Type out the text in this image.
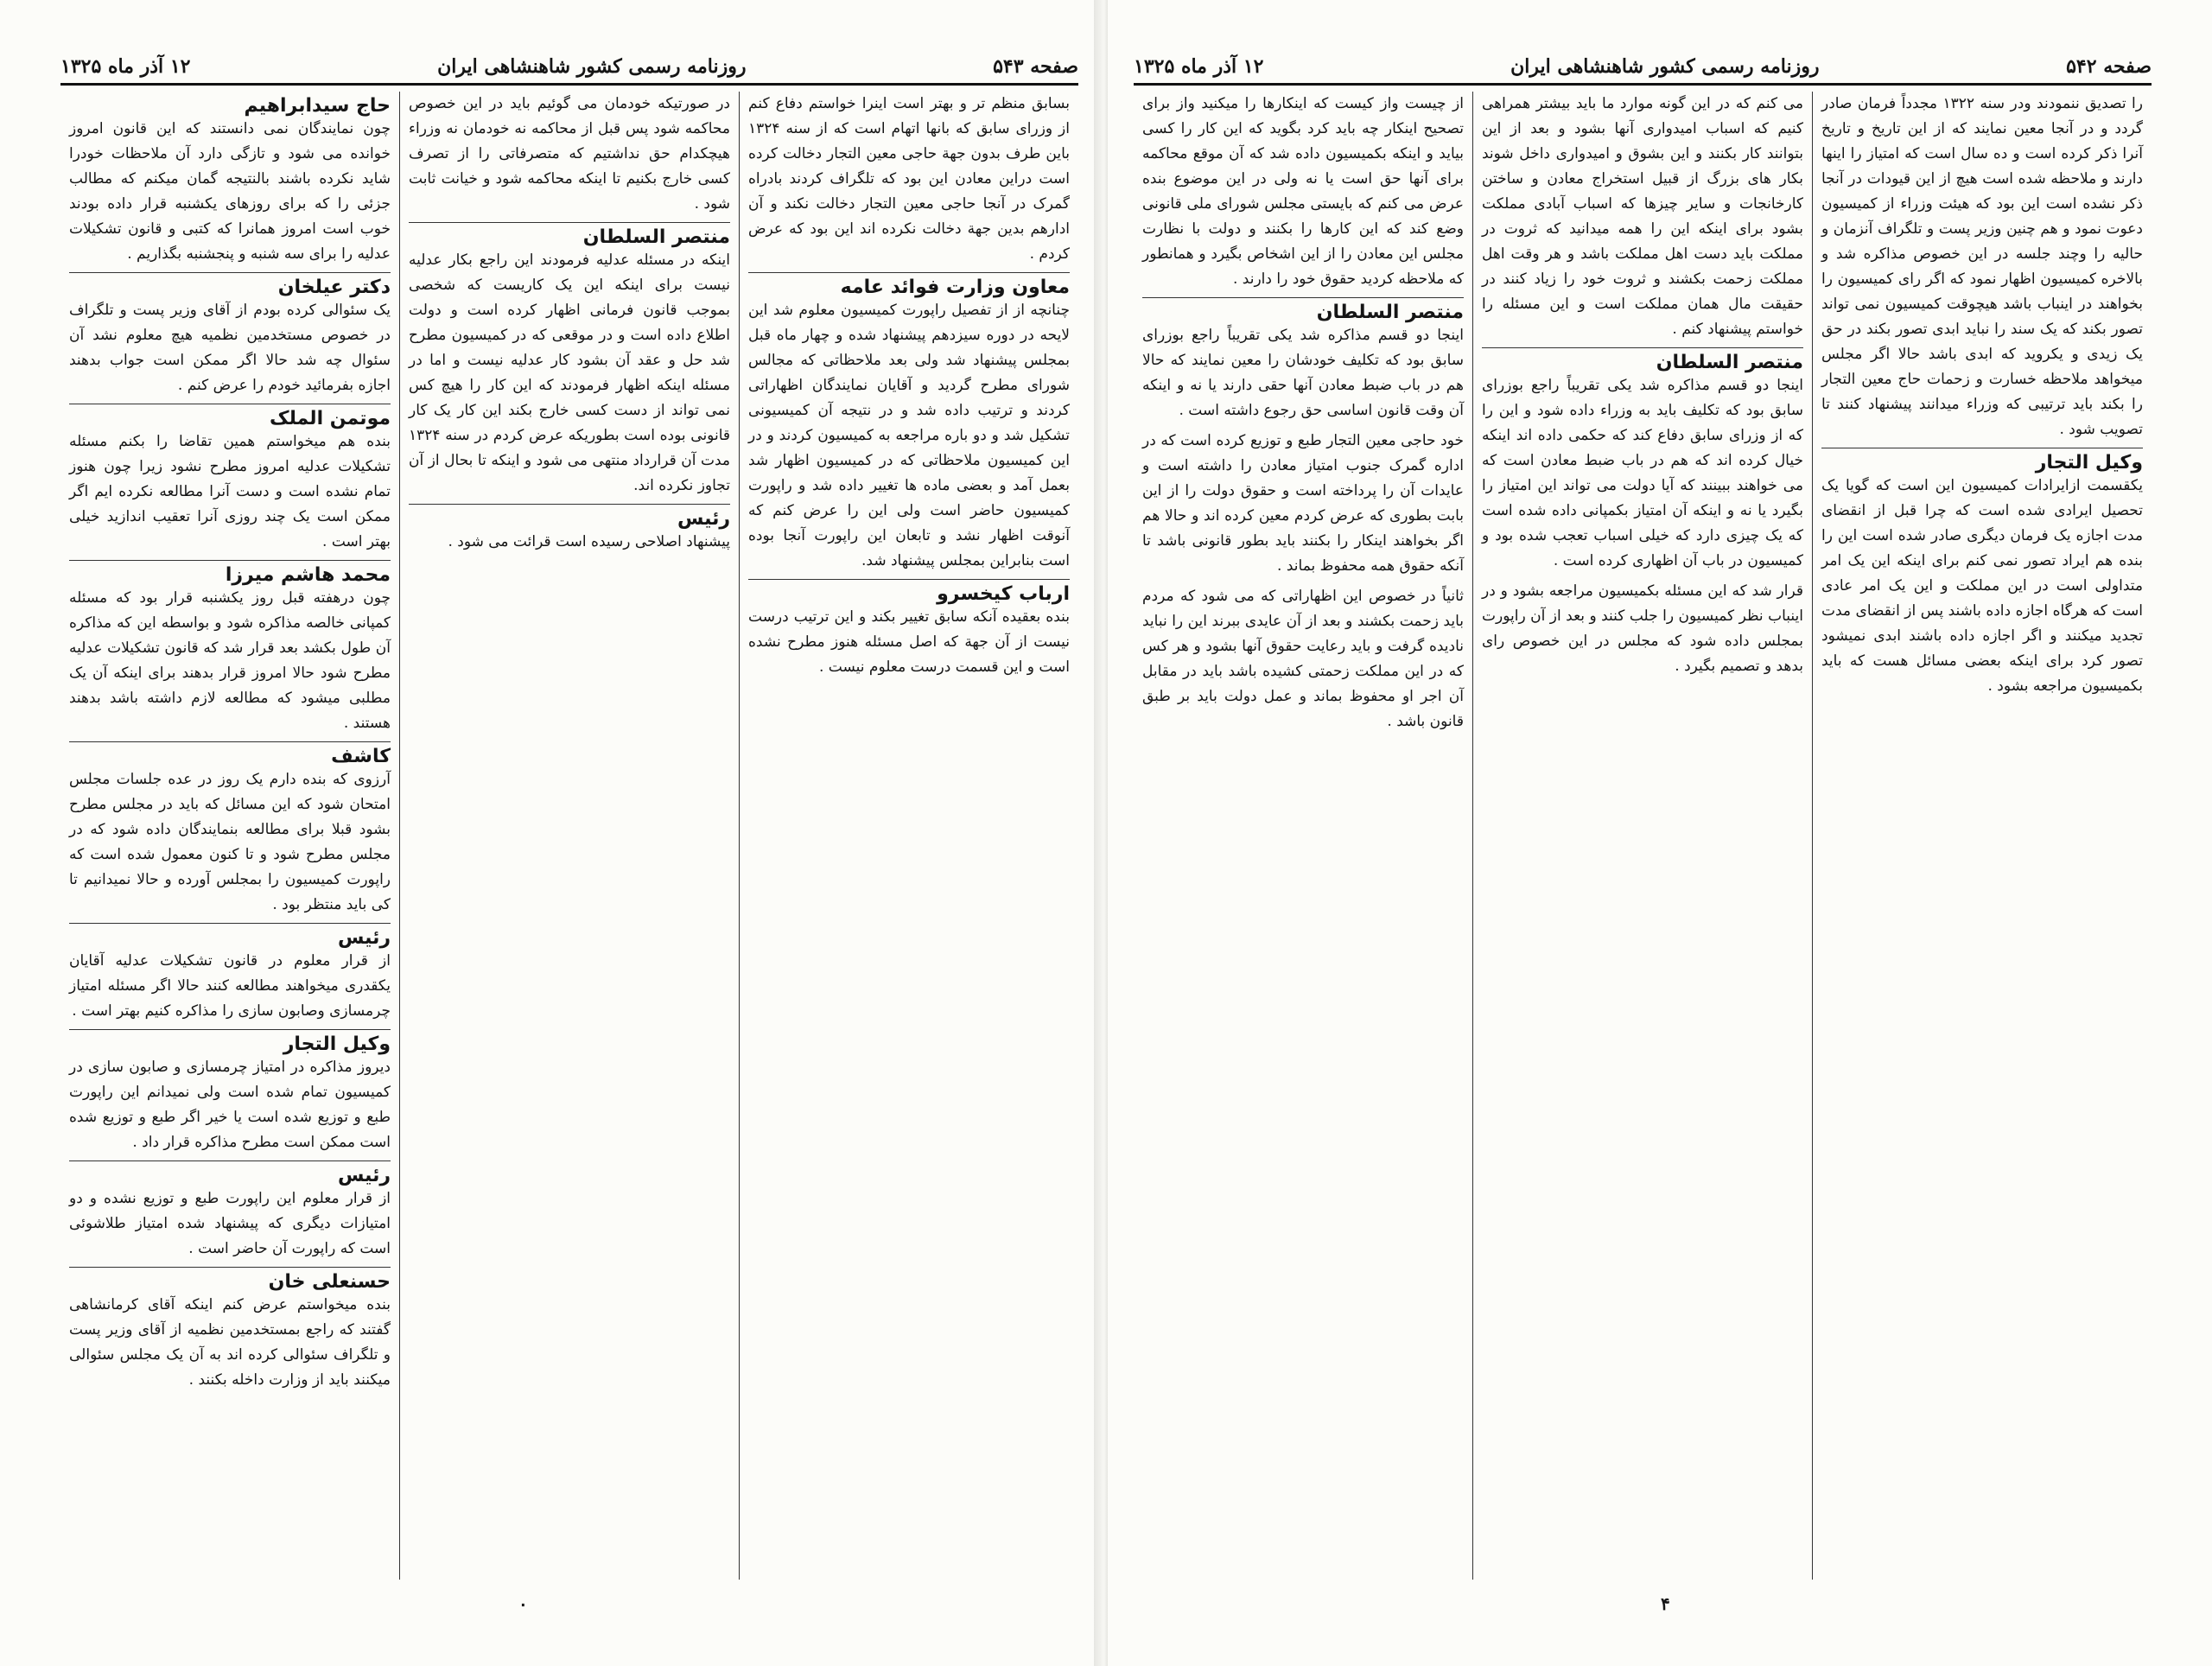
صفحه ۵۴۳
روزنامه رسمی کشور شاهنشاهی ایران
۱۲ آذر ماه ۱۳۲۵
بسابق منظم تر و بهتر است اینرا خواستم دفاع کنم از وزرای سابق که بانها اتهام است که از سنه ۱۳۲۴ باین طرف بدون جهة حاجی معین التجار دخالت کرده است دراین معادن این بود که تلگراف کردند بادراه گمرک در آنجا حاجی معین التجار دخالت نکند و آن ادارهم بدین جهة دخالت نکرده اند این بود که عرض کردم .
معاون وزارت فوائد عامه
چنانچه از از تفصیل راپورت کمیسیون معلوم شد این لایحه در دوره سیزدهم پیشنهاد شده و چهار ماه قبل بمجلس پیشنهاد شد ولی بعد ملاحظاتی که مجالس شورای مطرح گردید و آقایان نمایندگان اظهاراتی کردند و ترتیب داده شد و در نتیجه آن کمیسیونی تشکیل شد و دو باره مراجعه به کمیسیون کردند و در این کمیسیون ملاحظاتی که در کمیسیون اظهار شد بعمل آمد و بعضی ماده ها تغییر داده شد و راپورت کمیسیون حاضر است ولی این را عرض کنم که آنوقت اظهار نشد و تابعان این راپورت آنجا بوده است بنابراین بمجلس پیشنهاد شد.
ارباب کیخسرو
بنده بعقیده آنکه سابق تغییر بکند و این ترتیب درست نیست از آن جهة که اصل مسئله هنوز مطرح نشده است و این قسمت درست معلوم نیست .
در صورتیکه خودمان می گوئیم باید در این خصوص محاکمه شود پس قبل از محاکمه نه خودمان نه وزراء هیچکدام حق نداشتیم که متصرفاتی را از تصرف کسی خارج بکنیم تا اینکه محاکمه شود و خیانت ثابت شود .
منتصر السلطان
اینکه در مسئله عدلیه فرمودند این راجع بکار عدلیه نیست برای اینکه این یک کاریست که شخصی بموجب قانون فرمانی اظهار کرده است و دولت اطلاع داده است و در موقعی که در کمیسیون مطرح شد حل و عقد آن بشود کار عدلیه نیست و اما در مسئله اینکه اظهار فرمودند که این کار را هیچ کس نمی تواند از دست کسی خارج بکند این کار یک کار قانونی بوده است بطوریکه عرض کردم در سنه ۱۳۲۴ مدت آن قرارداد منتهی می شود و اینکه تا بحال از آن تجاوز نکرده اند.
رئیس
پیشنهاد اصلاحی رسیده است قرائت می شود .
حاج سیدابراهیم
چون نمایندگان نمی دانستند که این قانون امروز خوانده می شود و تازگی دارد آن ملاحظات خودرا شاید نکرده باشند بالنتیجه گمان میکنم که مطالب جزئی را که برای روزهای یکشنبه قرار داده بودند خوب است امروز همانرا که کتبی و قانون تشکیلات عدلیه را برای سه شنبه و پنجشنبه بگذاریم .
دکتر عیلخان
یک سئوالی کرده بودم از آقای وزیر پست و تلگراف در خصوص مستخدمین نظمیه هیچ معلوم نشد آن سئوال چه شد حالا اگر ممکن است جواب بدهند اجازه بفرمائید خودم را عرض کنم .
موتمن الملک
بنده هم میخواستم همین تقاضا را بکنم مسئله تشکیلات عدلیه امروز مطرح نشود زیرا چون هنوز تمام نشده است و دست آنرا مطالعه نکرده ایم اگر ممکن است یک چند روزی آنرا تعقیب اندازید خیلی بهتر است .
محمد هاشم میرزا
چون درهفته قبل روز یکشنبه قرار بود که مسئله کمپانی خالصه مذاکره شود و بواسطه این که مذاکره آن طول بکشد بعد قرار شد که قانون تشکیلات عدلیه مطرح شود حالا امروز قرار بدهند برای اینکه آن یک مطلبی میشود که مطالعه لازم داشته باشد بدهند هستند .
کاشف
آرزوی که بنده دارم یک روز در عده جلسات مجلس امتحان شود که این مسائل که باید در مجلس مطرح بشود قبلا برای مطالعه بنمایندگان داده شود که در مجلس مطرح شود و تا کنون معمول شده است که راپورت کمیسیون را بمجلس آورده و حالا نمیدانیم تا کی باید منتظر بود .
رئیس
از قرار معلوم در قانون تشکیلات عدلیه آقایان یکقدری میخواهند مطالعه کنند حالا اگر مسئله امتیاز چرمسازی وصابون سازی را مذاکره کنیم بهتر است .
وکیل التجار
دیروز مذاکره در امتیاز چرمسازی و صابون سازی در کمیسیون تمام شده است ولی نمیدانم این راپورت طبع و توزیع شده است یا خیر اگر طبع و توزیع شده است ممکن است مطرح مذاکره قرار داد .
رئیس
از قرار معلوم این راپورت طبع و توزیع نشده و دو امتیازات دیگری که پیشنهاد شده امتیاز طلاشوئی است که راپورت آن حاضر است .
حسنعلی خان
بنده میخواستم عرض کنم اینکه آقای کرمانشاهی گفتند که راجع بمستخدمین نظمیه از آقای وزیر پست و تلگراف سئوالی کرده اند به آن یک مجلس سئوالی میکنند باید از وزارت داخله بکنند .
۰
صفحه ۵۴۲
روزنامه رسمی کشور شاهنشاهی ایران
۱۲ آذر ماه ۱۳۲۵
را تصدیق ننمودند ودر سنه ۱۳۲۲ مجدداً فرمان صادر گردد و در آنجا معین نمایند که از این تاریخ و تاریخ آنرا ذکر کرده است و ده سال است که امتیاز را اینها دارند و ملاحظه شده است هیچ از این قیودات در آنجا ذکر نشده است این بود که هیئت وزراء از کمیسیون دعوت نمود و هم چنین وزیر پست و تلگراف آنزمان و حالیه را وچند جلسه در این خصوص مذاکره شد و بالاخره کمیسیون اظهار نمود که اگر رای کمیسیون را بخواهند در اینباب باشد هیچوقت کمیسیون نمی تواند تصور بکند که یک سند را نباید ابدی تصور بکند در حق یک زیدی و یکروید که ابدی باشد حالا اگر مجلس میخواهد ملاحظه خسارت و زحمات حاج معین التجار را بکند باید ترتیبی که وزراء میدانند پیشنهاد کنند تا تصویب شود .
وکیل التجار
یکقسمت ازایرادات کمیسیون این است که گویا یک تحصیل ایرادی شده است که چرا قبل از انقضای مدت اجازه یک فرمان دیگری صادر شده است این را بنده هم ایراد تصور نمی کنم برای اینکه این یک امر متداولی است در این مملکت و این یک امر عادی است که هرگاه اجازه داده باشند پس از انقضای مدت تجدید میکنند و اگر اجازه داده باشند ابدی نمیشود تصور کرد برای اینکه بعضی مسائل هست که باید بکمیسیون مراجعه بشود .
می کنم که در این گونه موارد ما باید بیشتر همراهی کنیم که اسباب امیدواری آنها بشود و بعد از این بتوانند کار بکنند و این بشوق و امیدواری داخل شوند بکار های بزرگ از قبیل استخراج معادن و ساختن کارخانجات و سایر چیزها که اسباب آبادی مملکت بشود برای اینکه این را همه میدانید که ثروت در مملکت باید دست اهل مملکت باشد و هر وقت اهل مملکت زحمت بکشند و ثروت خود را زیاد کنند در حقیقت مال همان مملکت است و این مسئله را خواستم پیشنهاد کنم .
منتصر السلطان
اینجا دو قسم مذاکره شد یکی تقریباً راجع بوزرای سابق بود که تکلیف باید به وزراء داده شود و این را که از وزرای سابق دفاع کند که حکمی داده اند اینکه خیال کرده اند که هم در باب ضبط معادن است که می خواهند ببینند که آیا دولت می تواند این امتیاز را بگیرد یا نه و اینکه آن امتیاز بکمپانی داده شده است که یک چیزی دارد که خیلی اسباب تعجب شده بود و کمیسیون در باب آن اظهاری کرده است .
قرار شد که این مسئله بکمیسیون مراجعه بشود و در اینباب نظر کمیسیون را جلب کنند و بعد از آن راپورت بمجلس داده شود که مجلس در این خصوص رای بدهد و تصمیم بگیرد .
از چیست واز کیست که اینکارها را میکنید واز برای تصحیح اینکار چه باید کرد بگوید که این کار را کسی بیاید و اینکه بکمیسیون داده شد که آن موقع محاکمه برای آنها حق است یا نه ولی در این موضوع بنده عرض می کنم که بایستی مجلس شورای ملی قانونی وضع کند که این کارها را بکنند و دولت با نظارت مجلس این معادن را از این اشخاص بگیرد و همانطور که ملاحظه کردید حقوق خود را دارند .
منتصر السلطان
اینجا دو قسم مذاکره شد یکی تقریباً راجع بوزرای سابق بود که تکلیف خودشان را معین نمایند که حالا هم در باب ضبط معادن آنها حقی دارند یا نه و اینکه آن وقت قانون اساسی حق رجوع داشته است .
خود حاجی معین التجار طبع و توزیع کرده است که در اداره گمرک جنوب امتیاز معادن را داشته است و عایدات آن را پرداخته است و حقوق دولت را از این بابت بطوری که عرض کردم معین کرده اند و حالا هم اگر بخواهند اینکار را بکنند باید بطور قانونی باشد تا آنکه حقوق همه محفوظ بماند .
ثانیاً در خصوص این اظهاراتی که می شود که مردم باید زحمت بکشند و بعد از آن عایدی ببرند این را نباید نادیده گرفت و باید رعایت حقوق آنها بشود و هر کس که در این مملکت زحمتی کشیده باشد باید در مقابل آن اجر او محفوظ بماند و عمل دولت باید بر طبق قانون باشد .
۴
